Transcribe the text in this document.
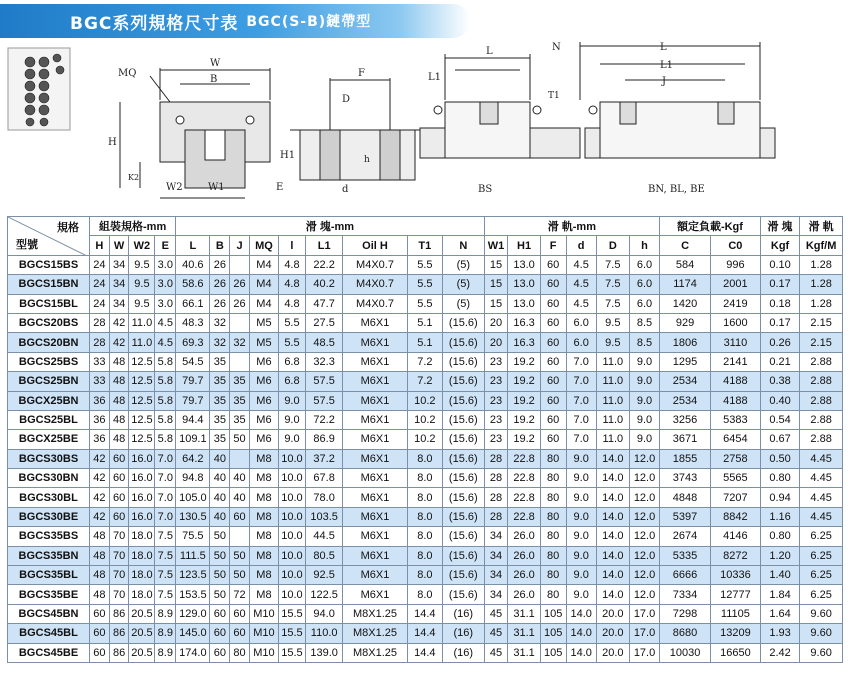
BGC系列規格尺寸表 BGC(S-B)鏈帶型
W
B
MQ
H
K2
W2	W1	E
F
D
d
h
H1
L
L1
T1
N
BS
L
L1
J
BN, BL, BE
規格
型號	組裝規格-mm				滑 塊-mm									滑 軌-mm						額定負載-Kgf		滑 塊	滑 軌
	H	W	W2	E	L	B	J	MQ	l	L1	Oil H	T1	N	W1	H1	F	d	D	h	C	C0	Kgf	Kgf/M
BGCS15BS	24	34	9.5	3.0	40.6	26		M4	4.8	22.2	M4X0.7	5.5	(5)	15	13.0	60	4.5	7.5	6.0	584	996	0.10	1.28
BGCS15BN	24	34	9.5	3.0	58.6	26	26	M4	4.8	40.2	M4X0.7	5.5	(5)	15	13.0	60	4.5	7.5	6.0	1174	2001	0.17	1.28
BGCS15BL	24	34	9.5	3.0	66.1	26	26	M4	4.8	47.7	M4X0.7	5.5	(5)	15	13.0	60	4.5	7.5	6.0	1420	2419	0.18	1.28
BGCS20BS	28	42	11.0	4.5	48.3	32		M5	5.5	27.5	M6X1	5.1	(15.6)	20	16.3	60	6.0	9.5	8.5	929	1600	0.17	2.15
BGCS20BN	28	42	11.0	4.5	69.3	32	32	M5	5.5	48.5	M6X1	5.1	(15.6)	20	16.3	60	6.0	9.5	8.5	1806	3110	0.26	2.15
BGCS25BS	33	48	12.5	5.8	54.5	35		M6	6.8	32.3	M6X1	7.2	(15.6)	23	19.2	60	7.0	11.0	9.0	1295	2141	0.21	2.88
BGCS25BN	33	48	12.5	5.8	79.7	35	35	M6	6.8	57.5	M6X1	7.2	(15.6)	23	19.2	60	7.0	11.0	9.0	2534	4188	0.38	2.88
BGCX25BN	36	48	12.5	5.8	79.7	35	35	M6	9.0	57.5	M6X1	10.2	(15.6)	23	19.2	60	7.0	11.0	9.0	2534	4188	0.40	2.88
BGCS25BL	36	48	12.5	5.8	94.4	35	35	M6	9.0	72.2	M6X1	10.2	(15.6)	23	19.2	60	7.0	11.0	9.0	3256	5383	0.54	2.88
BGCX25BE	36	48	12.5	5.8	109.1	35	50	M6	9.0	86.9	M6X1	10.2	(15.6)	23	19.2	60	7.0	11.0	9.0	3671	6454	0.67	2.88
BGCS30BS	42	60	16.0	7.0	64.2	40		M8	10.0	37.2	M6X1	8.0	(15.6)	28	22.8	80	9.0	14.0	12.0	1855	2758	0.50	4.45
BGCS30BN	42	60	16.0	7.0	94.8	40	40	M8	10.0	67.8	M6X1	8.0	(15.6)	28	22.8	80	9.0	14.0	12.0	3743	5565	0.80	4.45
BGCS30BL	42	60	16.0	7.0	105.0	40	40	M8	10.0	78.0	M6X1	8.0	(15.6)	28	22.8	80	9.0	14.0	12.0	4848	7207	0.94	4.45
BGCS30BE	42	60	16.0	7.0	130.5	40	60	M8	10.0	103.5	M6X1	8.0	(15.6)	28	22.8	80	9.0	14.0	12.0	5397	8842	1.16	4.45
BGCS35BS	48	70	18.0	7.5	75.5	50		M8	10.0	44.5	M6X1	8.0	(15.6)	34	26.0	80	9.0	14.0	12.0	2674	4146	0.80	6.25
BGCS35BN	48	70	18.0	7.5	111.5	50	50	M8	10.0	80.5	M6X1	8.0	(15.6)	34	26.0	80	9.0	14.0	12.0	5335	8272	1.20	6.25
BGCS35BL	48	70	18.0	7.5	123.5	50	50	M8	10.0	92.5	M6X1	8.0	(15.6)	34	26.0	80	9.0	14.0	12.0	6666	10336	1.40	6.25
BGCS35BE	48	70	18.0	7.5	153.5	50	72	M8	10.0	122.5	M6X1	8.0	(15.6)	34	26.0	80	9.0	14.0	12.0	7334	12777	1.84	6.25
BGCS45BN	60	86	20.5	8.9	129.0	60	60	M10	15.5	94.0	M8X1.25	14.4	(16)	45	31.1	105	14.0	20.0	17.0	7298	11105	1.64	9.60
BGCS45BL	60	86	20.5	8.9	145.0	60	60	M10	15.5	110.0	M8X1.25	14.4	(16)	45	31.1	105	14.0	20.0	17.0	8680	13209	1.93	9.60
BGCS45BE	60	86	20.5	8.9	174.0	60	80	M10	15.5	139.0	M8X1.25	14.4	(16)	45	31.1	105	14.0	20.0	17.0	10030	16650	2.42	9.60
